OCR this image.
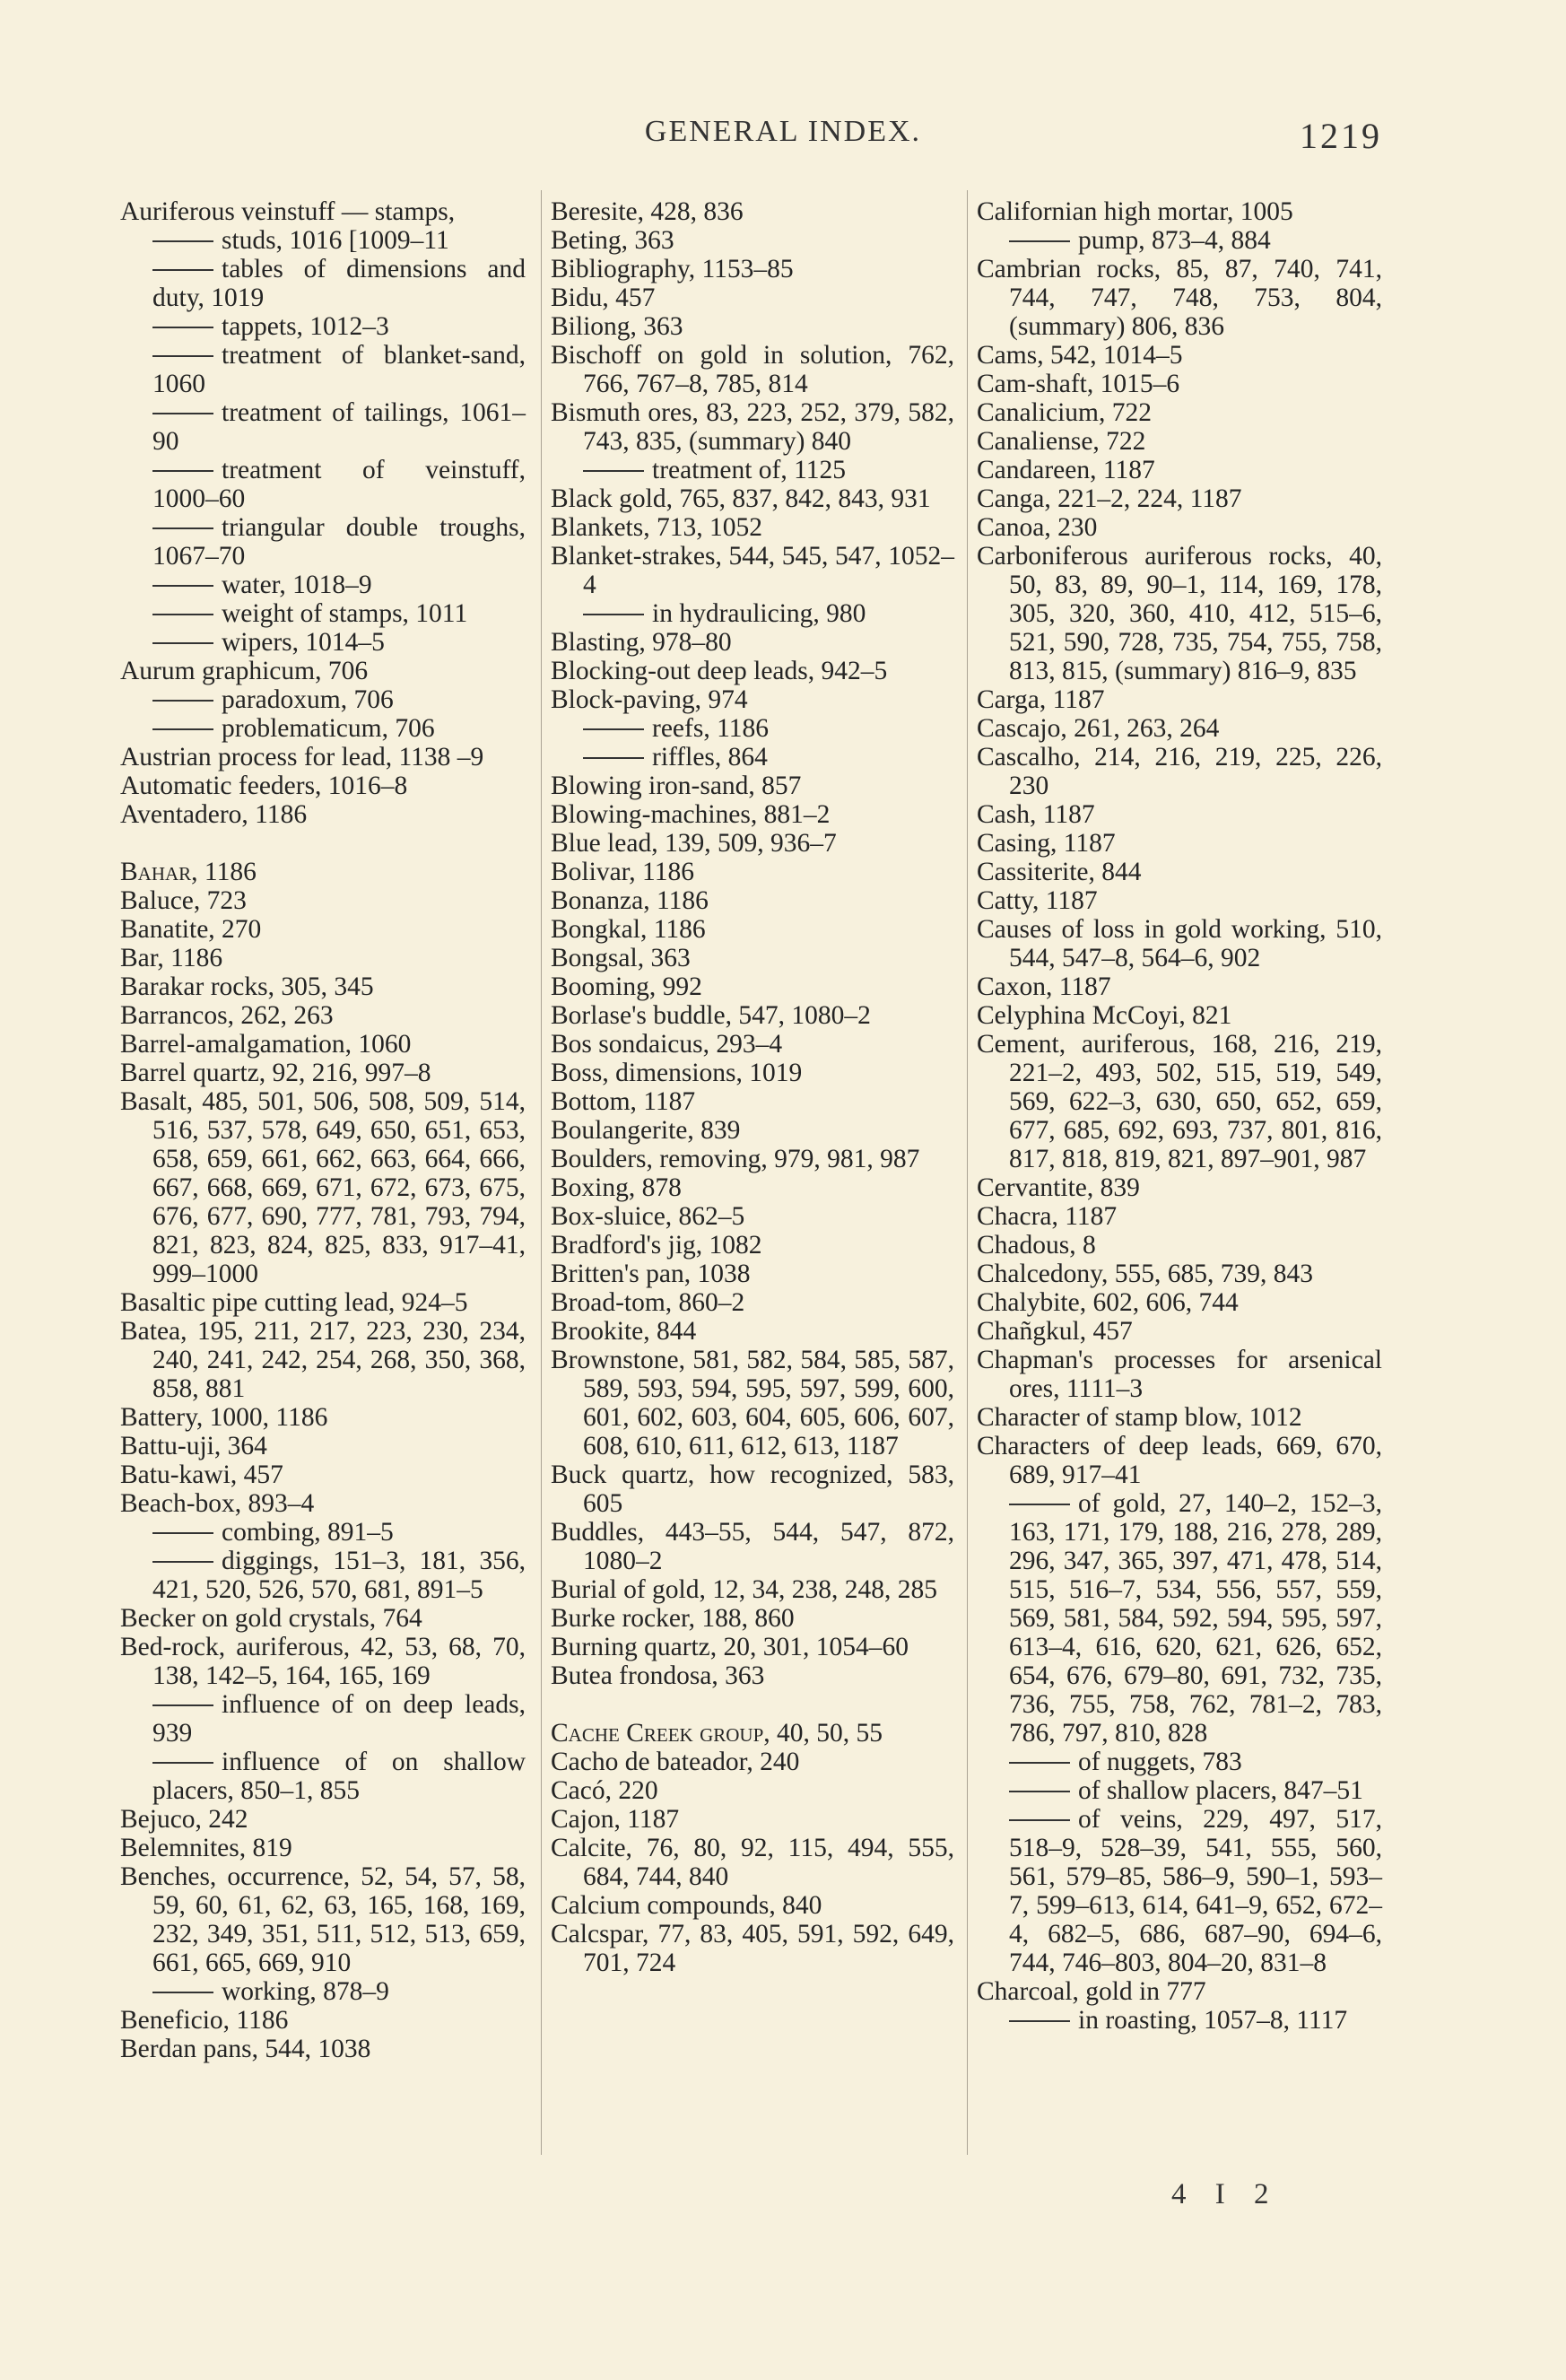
GENERAL INDEX.	1219

Auriferous veinstuff — stamps,

studs, 1016 [1009–11

tables of dimensions and duty, 1019

tappets, 1012–3

treatment of blanket-sand, 1060

treatment of tailings, 1061–90

treatment of veinstuff, 1000–60

triangular double troughs, 1067–70

water, 1018–9

weight of stamps, 1011

wipers, 1014–5

Aurum graphicum, 706

paradoxum, 706

problematicum, 706

Austrian process for lead, 1138 –9

Automatic feeders, 1016–8

Aventadero, 1186

Bahar, 1186

Baluce, 723

Banatite, 270

Bar, 1186

Barakar rocks, 305, 345

Barrancos, 262, 263

Barrel-amalgamation, 1060

Barrel quartz, 92, 216, 997–8

Basalt, 485, 501, 506, 508, 509, 514, 516, 537, 578, 649, 650, 651, 653, 658, 659, 661, 662, 663, 664, 666, 667, 668, 669, 671, 672, 673, 675, 676, 677, 690, 777, 781, 793, 794, 821, 823, 824, 825, 833, 917–41, 999–1000

Basaltic pipe cutting lead, 924–5

Batea, 195, 211, 217, 223, 230, 234, 240, 241, 242, 254, 268, 350, 368, 858, 881

Battery, 1000, 1186

Battu-uji, 364

Batu-kawi, 457

Beach-box, 893–4

combing, 891–5

diggings, 151–3, 181, 356, 421, 520, 526, 570, 681, 891–5

Becker on gold crystals, 764

Bed-rock, auriferous, 42, 53, 68, 70, 138, 142–5, 164, 165, 169

influence of on deep leads, 939

influence of on shallow placers, 850–1, 855

Bejuco, 242

Belemnites, 819

Benches, occurrence, 52, 54, 57, 58, 59, 60, 61, 62, 63, 165, 168, 169, 232, 349, 351, 511, 512, 513, 659, 661, 665, 669, 910

working, 878–9

Beneficio, 1186

Berdan pans, 544, 1038

Beresite, 428, 836

Beting, 363

Bibliography, 1153–85

Bidu, 457

Biliong, 363

Bischoff on gold in solution, 762, 766, 767–8, 785, 814

Bismuth ores, 83, 223, 252, 379, 582, 743, 835, (summary) 840

treatment of, 1125

Black gold, 765, 837, 842, 843, 931

Blankets, 713, 1052

Blanket-strakes, 544, 545, 547, 1052–4

in hydraulicing, 980

Blasting, 978–80

Blocking-out deep leads, 942–5

Block-paving, 974

reefs, 1186

riffles, 864

Blowing iron-sand, 857

Blowing-machines, 881–2

Blue lead, 139, 509, 936–7

Bolivar, 1186

Bonanza, 1186

Bongkal, 1186

Bongsal, 363

Booming, 992

Borlase's buddle, 547, 1080–2

Bos sondaicus, 293–4

Boss, dimensions, 1019

Bottom, 1187

Boulangerite, 839

Boulders, removing, 979, 981, 987

Boxing, 878

Box-sluice, 862–5

Bradford's jig, 1082

Britten's pan, 1038

Broad-tom, 860–2

Brookite, 844

Brownstone, 581, 582, 584, 585, 587, 589, 593, 594, 595, 597, 599, 600, 601, 602, 603, 604, 605, 606, 607, 608, 610, 611, 612, 613, 1187

Buck quartz, how recognized, 583, 605

Buddles, 443–55, 544, 547, 872, 1080–2

Burial of gold, 12, 34, 238, 248, 285

Burke rocker, 188, 860

Burning quartz, 20, 301, 1054–60

Butea frondosa, 363

Cache Creek group, 40, 50, 55

Cacho de bateador, 240

Cacó, 220

Cajon, 1187

Calcite, 76, 80, 92, 115, 494, 555, 684, 744, 840

Calcium compounds, 840

Calcspar, 77, 83, 405, 591, 592, 649, 701, 724

Californian high mortar, 1005

pump, 873–4, 884

Cambrian rocks, 85, 87, 740, 741, 744, 747, 748, 753, 804, (summary) 806, 836

Cams, 542, 1014–5

Cam-shaft, 1015–6

Canalicium, 722

Canaliense, 722

Candareen, 1187

Canga, 221–2, 224, 1187

Canoa, 230

Carboniferous auriferous rocks, 40, 50, 83, 89, 90–1, 114, 169, 178, 305, 320, 360, 410, 412, 515–6, 521, 590, 728, 735, 754, 755, 758, 813, 815, (summary) 816–9, 835

Carga, 1187

Cascajo, 261, 263, 264

Cascalho, 214, 216, 219, 225, 226, 230

Cash, 1187

Casing, 1187

Cassiterite, 844

Catty, 1187

Causes of loss in gold working, 510, 544, 547–8, 564–6, 902

Caxon, 1187

Celyphina McCoyi, 821

Cement, auriferous, 168, 216, 219, 221–2, 493, 502, 515, 519, 549, 569, 622–3, 630, 650, 652, 659, 677, 685, 692, 693, 737, 801, 816, 817, 818, 819, 821, 897–901, 987

Cervantite, 839

Chacra, 1187

Chadous, 8

Chalcedony, 555, 685, 739, 843

Chalybite, 602, 606, 744

Chañgkul, 457

Chapman's processes for arsenical ores, 1111–3

Character of stamp blow, 1012

Characters of deep leads, 669, 670, 689, 917–41

of gold, 27, 140–2, 152–3, 163, 171, 179, 188, 216, 278, 289, 296, 347, 365, 397, 471, 478, 514, 515, 516–7, 534, 556, 557, 559, 569, 581, 584, 592, 594, 595, 597, 613–4, 616, 620, 621, 626, 652, 654, 676, 679–80, 691, 732, 735, 736, 755, 758, 762, 781–2, 783, 786, 797, 810, 828

of nuggets, 783

of shallow placers, 847–51

of veins, 229, 497, 517, 518–9, 528–39, 541, 555, 560, 561, 579–85, 586–9, 590–1, 593–7, 599–613, 614, 641–9, 652, 672–4, 682–5, 686, 687–90, 694–6, 744, 746–803, 804–20, 831–8

Charcoal, gold in 777

in roasting, 1057–8, 1117

4 I 2
